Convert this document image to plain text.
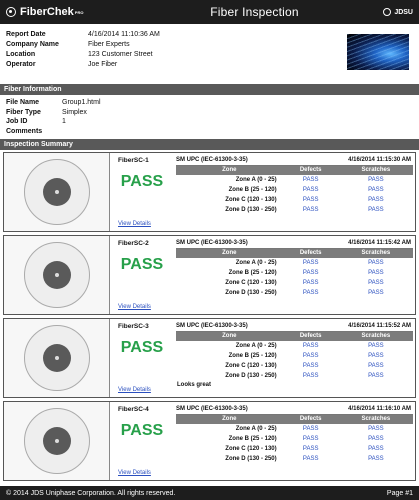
FiberChek PRO	Fiber Inspection	JDSU
Report Date	4/16/2014 11:10:36 AM
Company Name	Fiber Experts
Location	123 Customer Street
Operator	Joe Fiber
Fiber Information
File Name	Group1.html
Fiber Type	Simplex
Job ID	1
Comments
Inspection Summary
FiberSC-1
PASS
View Details
SM UPC (IEC-61300-3-35)	4/16/2014 11:15:30 AM	
Zone	Defects	Scratches
Zone A (0 - 25)	PASS	PASS
Zone B (25 - 120)	PASS	PASS
Zone C (120 - 130)	PASS	PASS
Zone D (130 - 250)	PASS	PASS
FiberSC-2
PASS
View Details
SM UPC (IEC-61300-3-35)	4/16/2014 11:15:42 AM	
Zone	Defects	Scratches
Zone A (0 - 25)	PASS	PASS
Zone B (25 - 120)	PASS	PASS
Zone C (120 - 130)	PASS	PASS
Zone D (130 - 250)	PASS	PASS
FiberSC-3
PASS
View Details
SM UPC (IEC-61300-3-35)	4/16/2014 11:15:52 AM	
Zone	Defects	Scratches
Zone A (0 - 25)	PASS	PASS
Zone B (25 - 120)	PASS	PASS
Zone C (120 - 130)	PASS	PASS
Zone D (130 - 250)	PASS	PASS
Looks great
FiberSC-4
PASS
View Details
SM UPC (IEC-61300-3-35)	4/16/2014 11:16:10 AM	
Zone	Defects	Scratches
Zone A (0 - 25)	PASS	PASS
Zone B (25 - 120)	PASS	PASS
Zone C (120 - 130)	PASS	PASS
Zone D (130 - 250)	PASS	PASS
© 2014 JDS Uniphase Corporation. All rights reserved.	Page #1
